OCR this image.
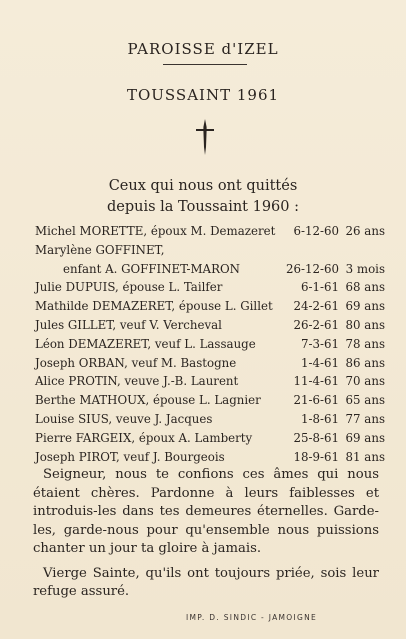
PAROISSE d'IZEL
TOUSSAINT 1961
Ceux qui nous ont quittés
depuis la Toussaint 1960 :
Michel MORETTE, époux M. Demazeret 6-12-60 26 ans
Marylène GOFFINET,
enfant A. GOFFINET-MARON	26-12-60 3 mois
Julie DUPUIS, épouse L. Tailfer	6-1-61 68 ans
Mathilde DEMAZERET, épouse L. Gillet 24-2-61 69 ans
Jules GILLET, veuf V. Vercheval	26-2-61 80 ans
Léon DEMAZERET, veuf L. Lassauge	7-3-61 78 ans
Joseph ORBAN, veuf M. Bastogne	1-4-61 86 ans
Alice PROTIN, veuve J.-B. Laurent	11-4-61 70 ans
Berthe MATHOUX, épouse L. Lagnier	21-6-61 65 ans
Louise SIUS, veuve J. Jacques	1-8-61 77 ans
Pierre FARGEIX, époux A. Lamberty	25-8-61 69 ans
Joseph PIROT, veuf J. Bourgeois	18-9-61 81 ans

Seigneur, nous te confions ces âmes qui nous étaient chères. Pardonne à leurs faiblesses et introduis-les dans tes demeures éternelles. Garde-les, garde-nous pour qu'ensemble nous puissions chanter un jour ta gloire à jamais.

Vierge Sainte, qu'ils ont toujours priée, sois leur refuge assuré.

IMP. D. SINDIC - JAMOIGNE
